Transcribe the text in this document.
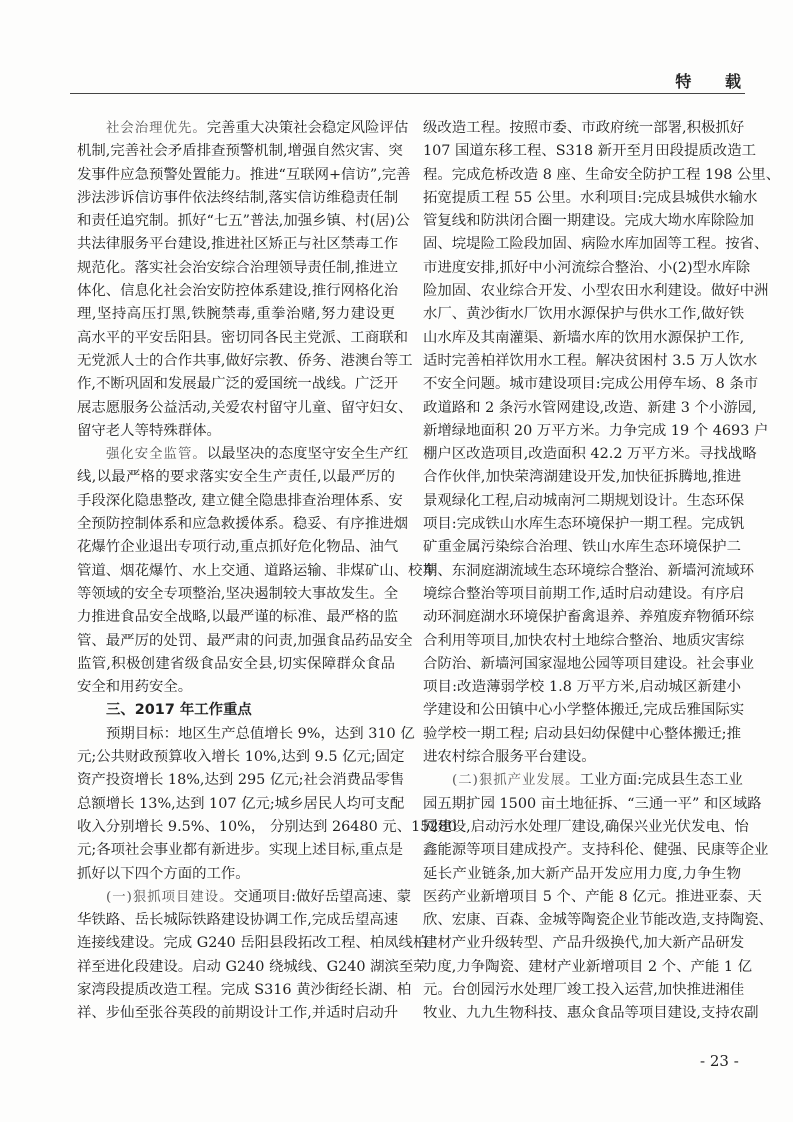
特 载
社会治理优先。完善重大决策社会稳定风险评估
机制,完善社会矛盾排查预警机制,增强自然灾害、突
发事件应急预警处置能力。推进“互联网+信访”,完善
涉法涉诉信访事件依法终结制,落实信访维稳责任制
和责任追究制。抓好“七五”普法,加强乡镇、村(居)公
共法律服务平台建设,推进社区矫正与社区禁毒工作
规范化。落实社会治安综合治理领导责任制,推进立
体化、信息化社会治安防控体系建设,推行网格化治
理,坚持高压打黑,铁腕禁毒,重拳治赌,努力建设更
高水平的平安岳阳县。密切同各民主党派、工商联和
无党派人士的合作共事,做好宗教、侨务、港澳台等工
作,不断巩固和发展最广泛的爱国统一战线。广泛开
展志愿服务公益活动,关爱农村留守儿童、留守妇女、
留守老人等特殊群体。
强化安全监管。以最坚决的态度坚守安全生产红
线,以最严格的要求落实安全生产责任,以最严厉的
手段深化隐患整改, 建立健全隐患排查治理体系、安
全预防控制体系和应急救援体系。稳妥、有序推进烟
花爆竹企业退出专项行动,重点抓好危化物品、油气
管道、烟花爆竹、水上交通、道路运输、非煤矿山、校车
等领域的安全专项整治,坚决遏制较大事故发生。全
力推进食品安全战略,以最严谨的标准、最严格的监
管、最严厉的处罚、最严肃的问责,加强食品药品安全
监管,积极创建省级食品安全县,切实保障群众食品
安全和用药安全。
三、2017 年工作重点
预期目标：地区生产总值增长 9%，达到 310 亿
元;公共财政预算收入增长 10%,达到 9.5 亿元;固定
资产投资增长 18%,达到 295 亿元;社会消费品零售
总额增长 13%,达到 107 亿元;城乡居民人均可支配
收入分别增长 9.5%、10%， 分别达到 26480 元、15280
元;各项社会事业都有新进步。实现上述目标,重点是
抓好以下四个方面的工作。
(一)狠抓项目建设。交通项目:做好岳望高速、蒙
华铁路、岳长城际铁路建设协调工作,完成岳望高速
连接线建设。完成 G240 岳阳县段拓改工程、柏凤线柏
祥至进化段建设。启动 G240 绕城线、G240 湖滨至荣
家湾段提质改造工程。完成 S316 黄沙街经长湖、柏
祥、步仙至张谷英段的前期设计工作,并适时启动升
级改造工程。按照市委、市政府统一部署,积极抓好
107 国道东移工程、S318 新开至月田段提质改造工
程。完成危桥改造 8 座、生命安全防护工程 198 公里、
拓宽提质工程 55 公里。水利项目:完成县城供水输水
管复线和防洪闭合圈一期建设。完成大坳水库除险加
固、垸堤险工险段加固、病险水库加固等工程。按省、
市进度安排,抓好中小河流综合整治、小(2)型水库除
险加固、农业综合开发、小型农田水利建设。做好中洲
水厂、黄沙街水厂饮用水源保护与供水工作,做好铁
山水库及其南灌渠、新墙水库的饮用水源保护工作,
适时完善柏祥饮用水工程。解决贫困村 3.5 万人饮水
不安全问题。城市建设项目:完成公用停车场、8 条市
政道路和 2 条污水管网建设,改造、新建 3 个小游园,
新增绿地面积 20 万平方米。力争完成 19 个 4693 户
棚户区改造项目,改造面积 42.2 万平方米。寻找战略
合作伙伴,加快荣湾湖建设开发,加快征拆腾地,推进
景观绿化工程,启动城南河二期规划设计。生态环保
项目:完成铁山水库生态环境保护一期工程。完成钒
矿重金属污染综合治理、铁山水库生态环境保护二
期、东洞庭湖流域生态环境综合整治、新墙河流域环
境综合整治等项目前期工作,适时启动建设。有序启
动环洞庭湖水环境保护畜禽退养、养殖废弃物循环综
合利用等项目,加快农村土地综合整治、地质灾害综
合防治、新墙河国家湿地公园等项目建设。社会事业
项目:改造薄弱学校 1.8 万平方米,启动城区新建小
学建设和公田镇中心小学整体搬迁,完成岳雅国际实
验学校一期工程; 启动县妇幼保健中心整体搬迁;推
进农村综合服务平台建设。
(二)狠抓产业发展。工业方面:完成县生态工业
园五期扩园 1500 亩土地征拆、“三通一平” 和区域路
网建设,启动污水处理厂建设,确保兴业光伏发电、怡
鑫能源等项目建成投产。支持科伦、健强、民康等企业
延长产业链条,加大新产品开发应用力度,力争生物
医药产业新增项目 5 个、产能 8 亿元。推进亚泰、天
欣、宏康、百森、金城等陶瓷企业节能改造,支持陶瓷、
建材产业升级转型、产品升级换代,加大新产品研发
力度,力争陶瓷、建材产业新增项目 2 个、产能 1 亿
元。台创园污水处理厂竣工投入运营,加快推进湘佳
牧业、九九生物科技、惠众食品等项目建设,支持农副
- 23 -
